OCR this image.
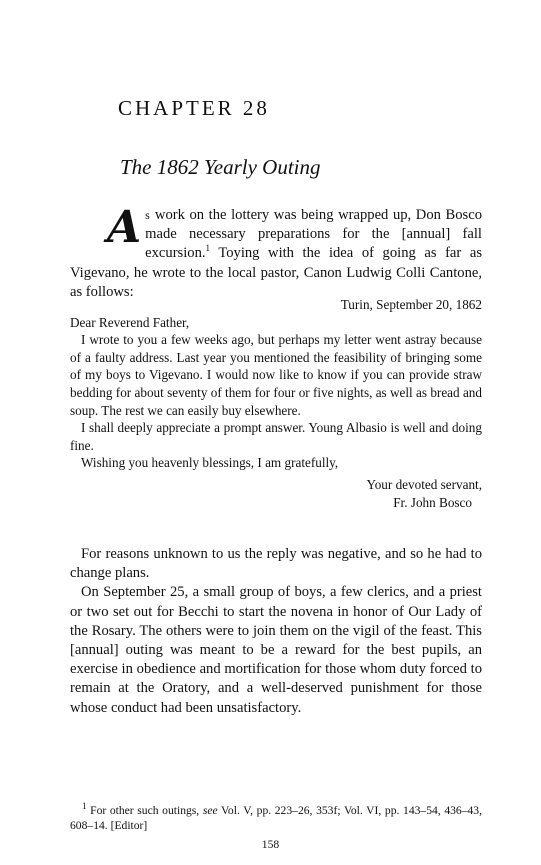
CHAPTER 28
The 1862 Yearly Outing
As work on the lottery was being wrapped up, Don Bosco made necessary preparations for the [annual] fall excursion.$^1$ Toying with the idea of going as far as Vigevano, he wrote to the local pastor, Canon Ludwig Colli Cantone, as follows:

Turin, September 20, 1862

Dear Reverend Father,

I wrote to you a few weeks ago, but perhaps my letter went astray because of a faulty address. Last year you mentioned the feasibility of bringing some of my boys to Vigevano. I would now like to know if you can provide straw bedding for about seventy of them for four or five nights, as well as bread and soup. The rest we can easily buy elsewhere.

I shall deeply appreciate a prompt answer. Young Albasio is well and doing fine.

Wishing you heavenly blessings, I am gratefully,

Your devoted servant,

Fr. John Bosco

For reasons unknown to us the reply was negative, and so he had to change plans.

On September 25, a small group of boys, a few clerics, and a priest or two set out for Becchi to start the novena in honor of Our Lady of the Rosary. The others were to join them on the vigil of the feast. This [annual] outing was meant to be a reward for the best pupils, an exercise in obedience and mortification for those whom duty forced to remain at the Oratory, and a well-deserved punishment for those whose conduct had been unsatisfactory.

$^1$ For other such outings, see Vol. V, pp. 223–26, 353f; Vol. VI, pp. 143–54, 436–43, 608–14. [Editor]
158
